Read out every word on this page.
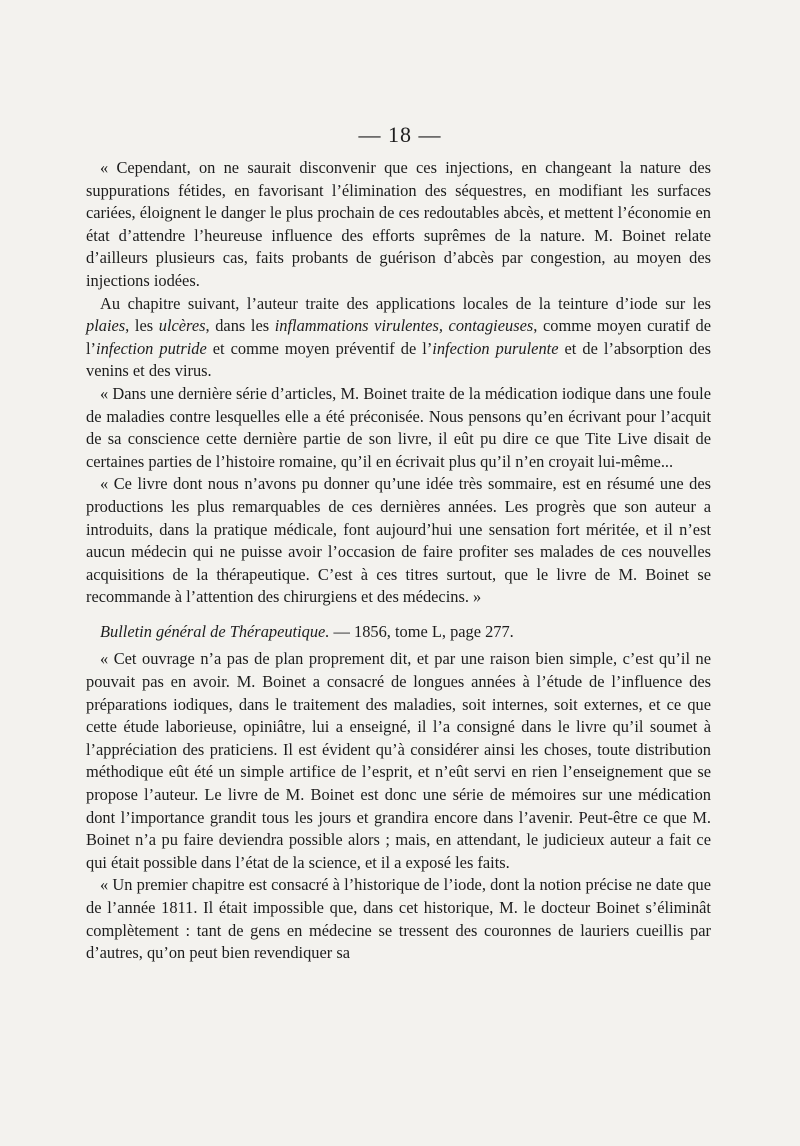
— 18 —

« Cependant, on ne saurait disconvenir que ces injections, en changeant la nature des suppurations fétides, en favorisant l’élimination des séquestres, en modifiant les surfaces cariées, éloignent le danger le plus prochain de ces redoutables abcès, et mettent l’économie en état d’attendre l’heureuse influence des efforts suprêmes de la nature. M. Boinet relate d’ailleurs plusieurs cas, faits probants de guérison d’abcès par congestion, au moyen des injections iodées.

Au chapitre suivant, l’auteur traite des applications locales de la teinture d’iode sur les plaies, les ulcères, dans les inflammations virulentes, contagieuses, comme moyen curatif de l’infection putride et comme moyen préventif de l’infection purulente et de l’absorption des venins et des virus.

« Dans une dernière série d’articles, M. Boinet traite de la médication iodique dans une foule de maladies contre lesquelles elle a été préconisée. Nous pensons qu’en écrivant pour l’acquit de sa conscience cette dernière partie de son livre, il eût pu dire ce que Tite Live disait de certaines parties de l’histoire romaine, qu’il en écrivait plus qu’il n’en croyait lui-même...

« Ce livre dont nous n’avons pu donner qu’une idée très sommaire, est en résumé une des productions les plus remarquables de ces dernières années. Les progrès que son auteur a introduits, dans la pratique médicale, font aujourd’hui une sensation fort méritée, et il n’est aucun médecin qui ne puisse avoir l’occasion de faire profiter ses malades de ces nouvelles acquisitions de la thérapeutique. C’est à ces titres surtout, que le livre de M. Boinet se recommande à l’attention des chirurgiens et des médecins. »

Bulletin général de Thérapeutique. — 1856, tome L, page 277.

« Cet ouvrage n’a pas de plan proprement dit, et par une raison bien simple, c’est qu’il ne pouvait pas en avoir. M. Boinet a consacré de longues années à l’étude de l’influence des préparations iodiques, dans le traitement des maladies, soit internes, soit externes, et ce que cette étude laborieuse, opiniâtre, lui a enseigné, il l’a consigné dans le livre qu’il soumet à l’appréciation des praticiens. Il est évident qu’à considérer ainsi les choses, toute distribution méthodique eût été un simple artifice de l’esprit, et n’eût servi en rien l’enseignement que se propose l’auteur. Le livre de M. Boinet est donc une série de mémoires sur une médication dont l’importance grandit tous les jours et grandira encore dans l’avenir. Peut-être ce que M. Boinet n’a pu faire deviendra possible alors ; mais, en attendant, le judicieux auteur a fait ce qui était possible dans l’état de la science, et il a exposé les faits.

« Un premier chapitre est consacré à l’historique de l’iode, dont la notion précise ne date que de l’année 1811. Il était impossible que, dans cet historique, M. le docteur Boinet s’éliminât complètement : tant de gens en médecine se tressent des couronnes de lauriers cueillis par d’autres, qu’on peut bien revendiquer sa
